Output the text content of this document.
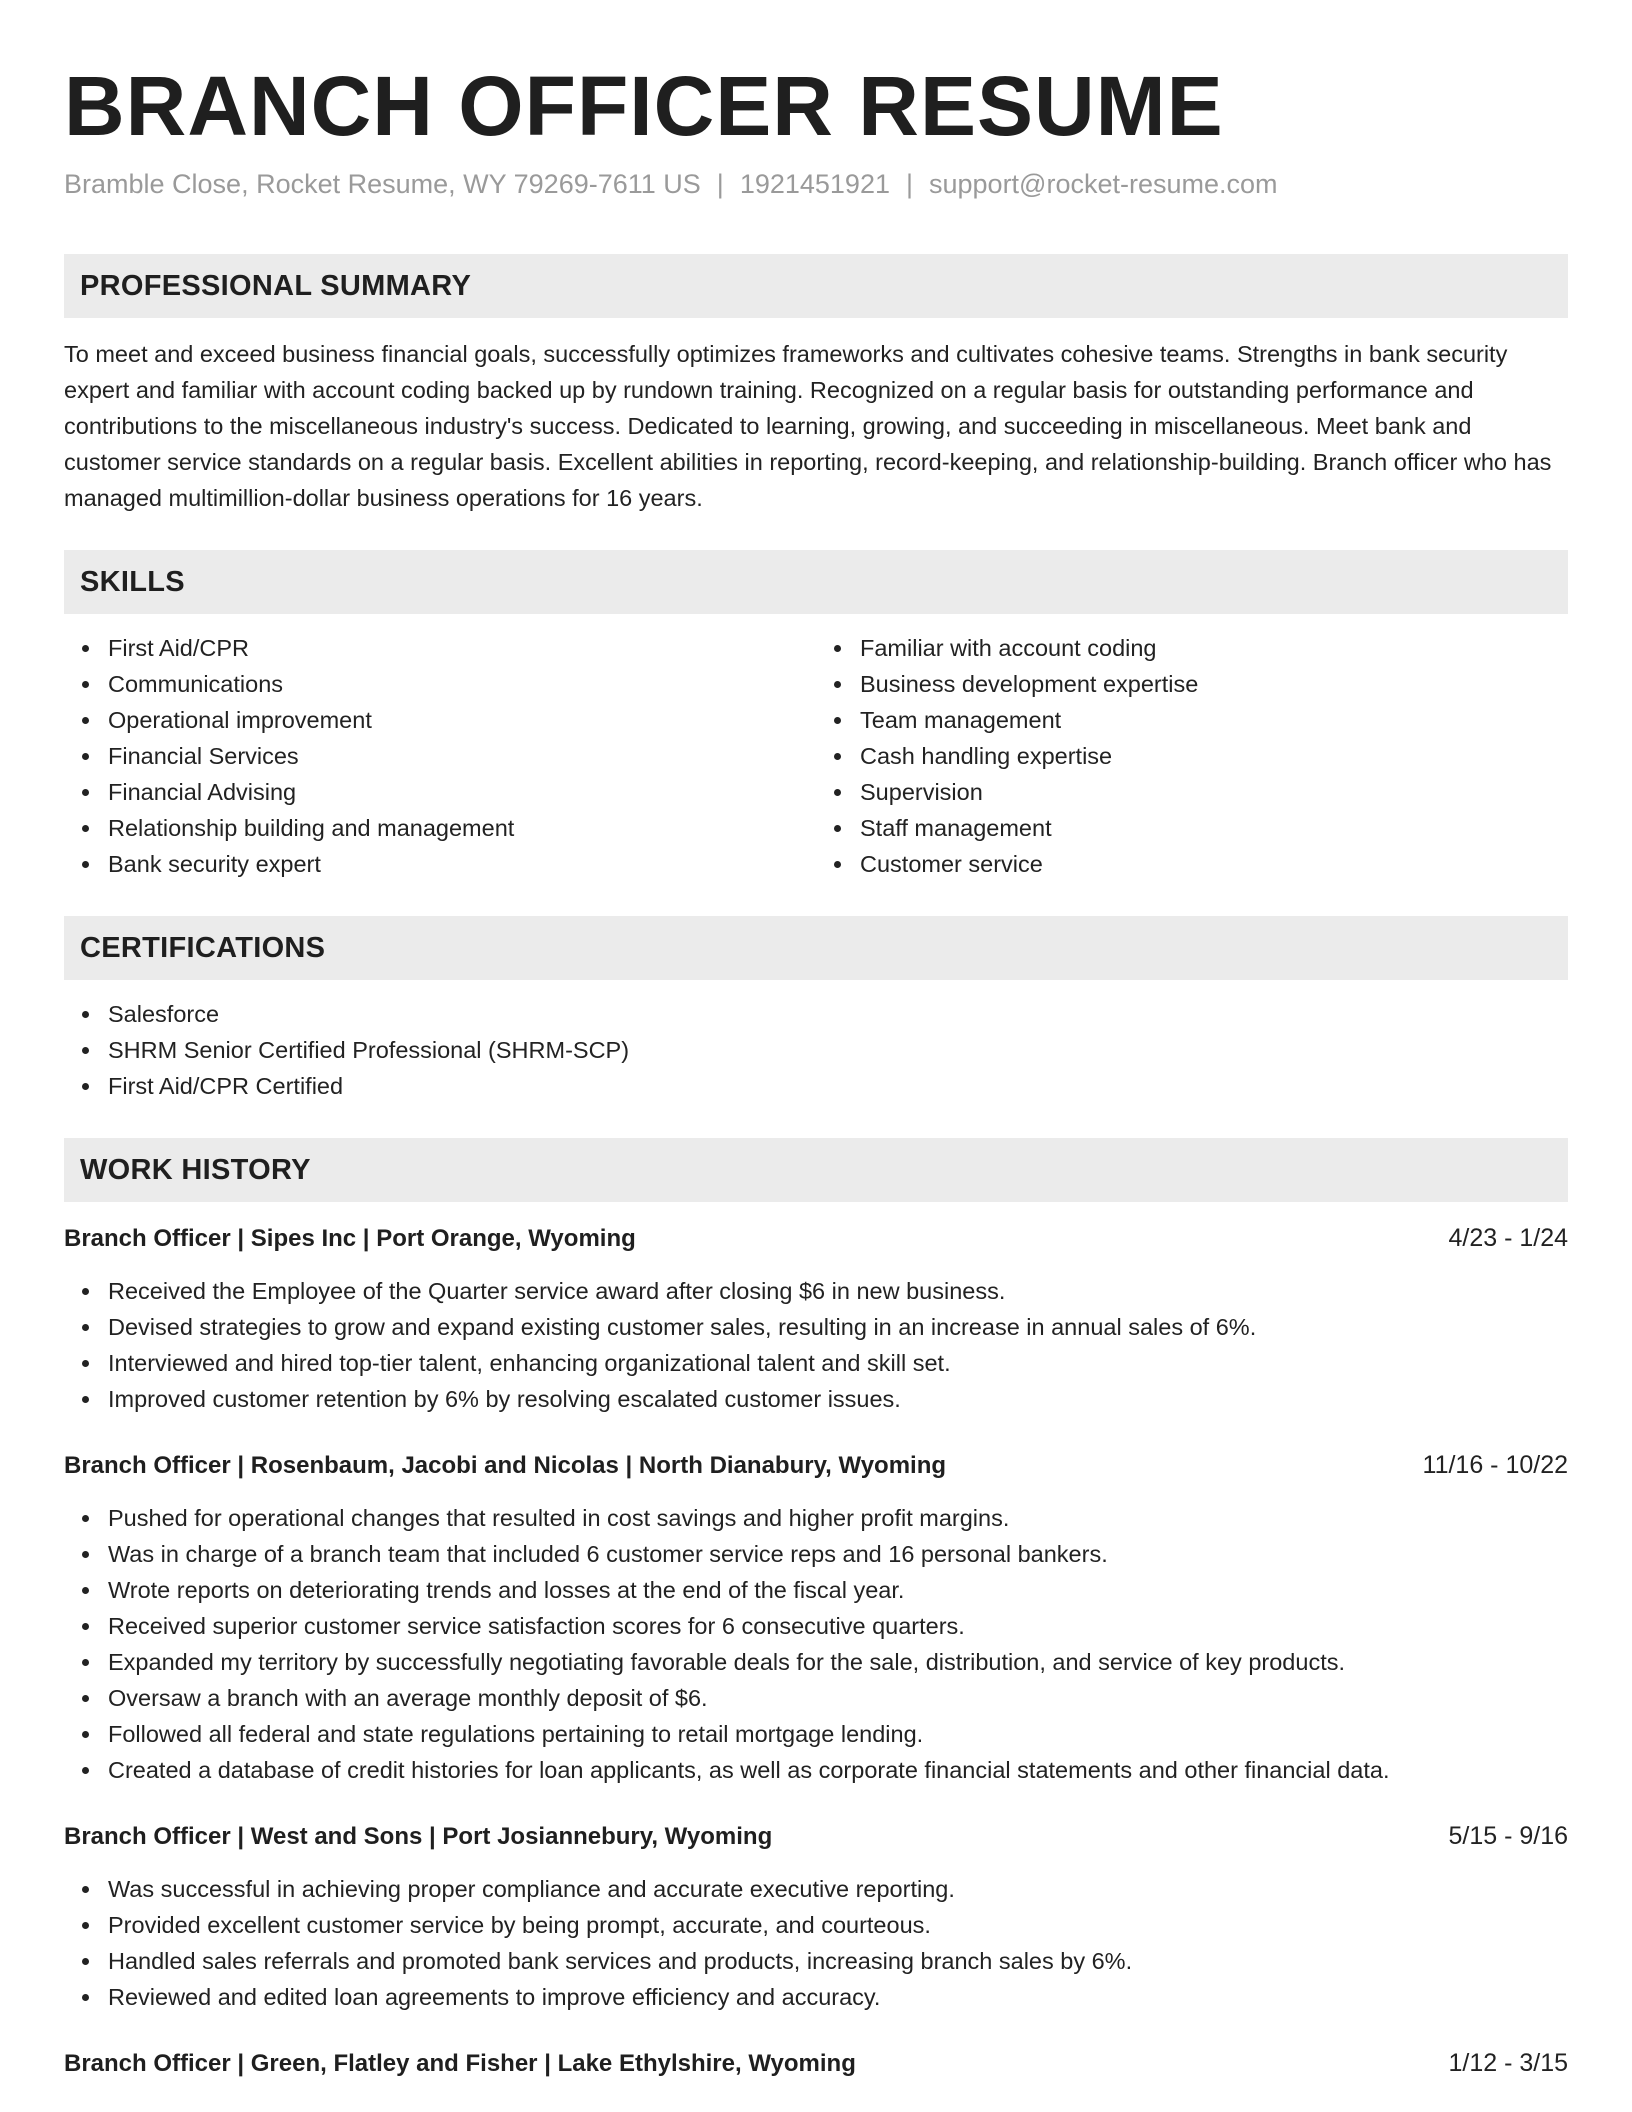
BRANCH OFFICER RESUME
Bramble Close, Rocket Resume, WY 79269-7611 US | 1921451921 | support@rocket-resume.com
PROFESSIONAL SUMMARY
To meet and exceed business financial goals, successfully optimizes frameworks and cultivates cohesive teams. Strengths in bank security expert and familiar with account coding backed up by rundown training. Recognized on a regular basis for outstanding performance and contributions to the miscellaneous industry's success. Dedicated to learning, growing, and succeeding in miscellaneous. Meet bank and customer service standards on a regular basis. Excellent abilities in reporting, record-keeping, and relationship-building. Branch officer who has managed multimillion-dollar business operations for 16 years.
SKILLS
First Aid/CPR
Communications
Operational improvement
Financial Services
Financial Advising
Relationship building and management
Bank security expert
Familiar with account coding
Business development expertise
Team management
Cash handling expertise
Supervision
Staff management
Customer service
CERTIFICATIONS
Salesforce
SHRM Senior Certified Professional (SHRM-SCP)
First Aid/CPR Certified
WORK HISTORY
Branch Officer | Sipes Inc | Port Orange, Wyoming	4/23 - 1/24
Received the Employee of the Quarter service award after closing $6 in new business.
Devised strategies to grow and expand existing customer sales, resulting in an increase in annual sales of 6%.
Interviewed and hired top-tier talent, enhancing organizational talent and skill set.
Improved customer retention by 6% by resolving escalated customer issues.
Branch Officer | Rosenbaum, Jacobi and Nicolas | North Dianabury, Wyoming	11/16 - 10/22
Pushed for operational changes that resulted in cost savings and higher profit margins.
Was in charge of a branch team that included 6 customer service reps and 16 personal bankers.
Wrote reports on deteriorating trends and losses at the end of the fiscal year.
Received superior customer service satisfaction scores for 6 consecutive quarters.
Expanded my territory by successfully negotiating favorable deals for the sale, distribution, and service of key products.
Oversaw a branch with an average monthly deposit of $6.
Followed all federal and state regulations pertaining to retail mortgage lending.
Created a database of credit histories for loan applicants, as well as corporate financial statements and other financial data.
Branch Officer | West and Sons | Port Josiannebury, Wyoming	5/15 - 9/16
Was successful in achieving proper compliance and accurate executive reporting.
Provided excellent customer service by being prompt, accurate, and courteous.
Handled sales referrals and promoted bank services and products, increasing branch sales by 6%.
Reviewed and edited loan agreements to improve efficiency and accuracy.
Branch Officer | Green, Flatley and Fisher | Lake Ethylshire, Wyoming	1/12 - 3/15
